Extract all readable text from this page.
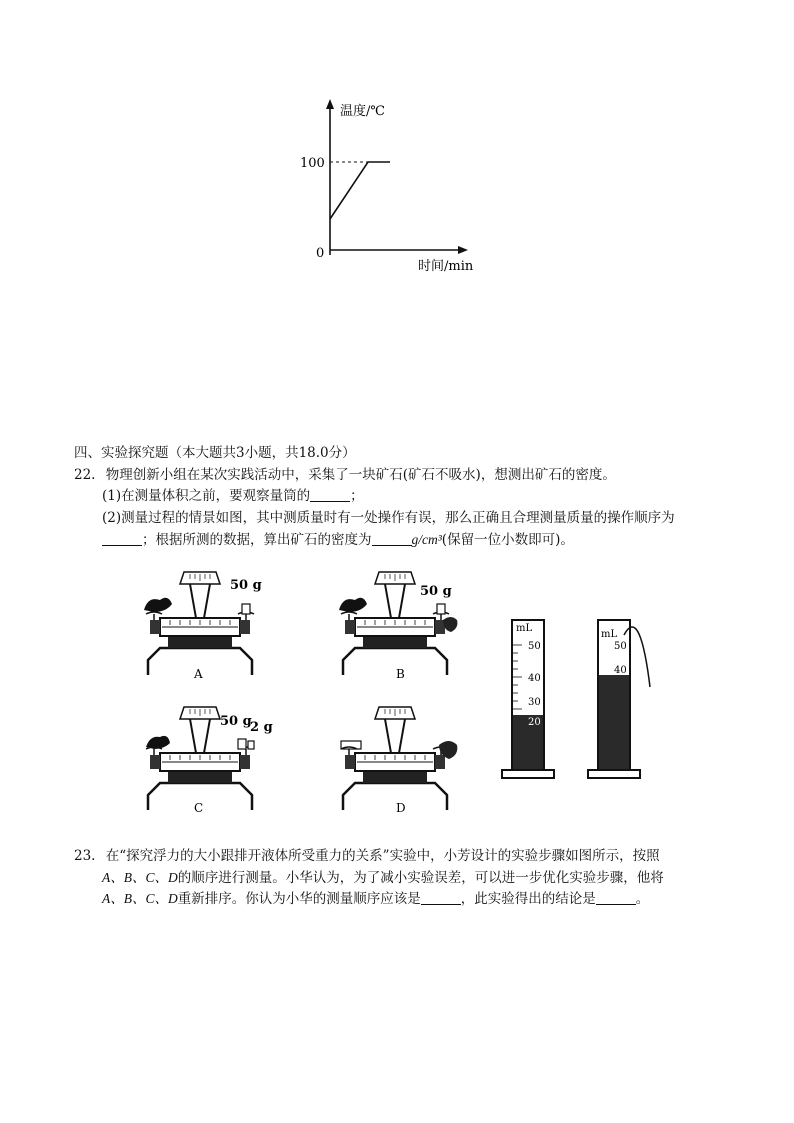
温度/℃
100
0
时间/min
四、实验探究题（本大题共3小题，共18.0分）
22. 物理创新小组在某次实践活动中，采集了一块矿石(矿石不吸水)，想测出矿石的密度。
(1)在测量体积之前，要观察量筒的	；
(2)测量过程的情景如图，其中测质量时有一处操作有误，那么正确且合理测量质量的操作顺序为
；根据所测的数据，算出矿石的密度为	g/cm³(保留一位小数即可)。
50 g
A
50 g
B
50 g
2 g
C	D
mL
50
40
30
20
mL
50
40
23. 在“探究浮力的大小跟排开液体所受重力的关系”实验中，小芳设计的实验步骤如图所示，按照
A、B、C、D的顺序进行测量。小华认为，为了减小实验误差，可以进一步优化实验步骤，他将
A、B、C、D重新排序。你认为小华的测量顺序应该是	，此实验得出的结论是	。
